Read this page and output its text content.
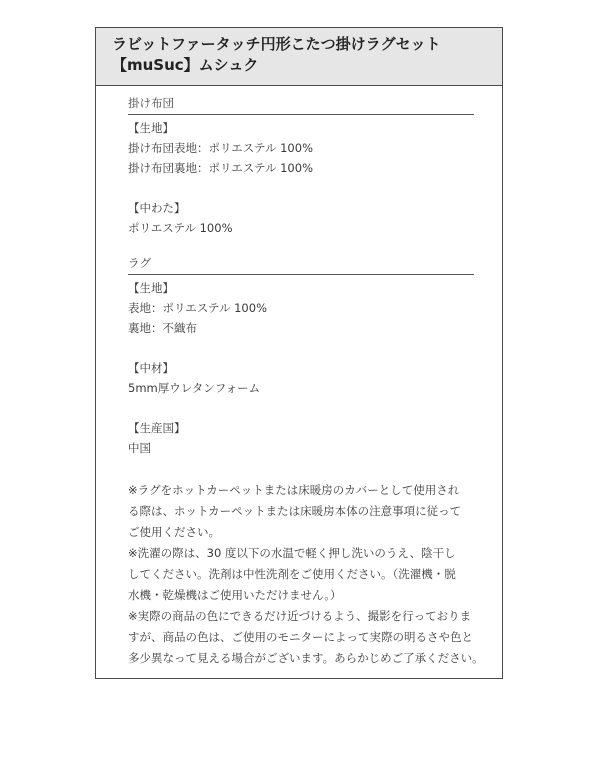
ラビットファータッチ円形こたつ掛けラグセット
【muSuc】ムシュク
掛け布団
【生地】
掛け布団表地：ポリエステル 100%
掛け布団裏地：ポリエステル 100%
【中わた】
ポリエステル 100%
ラグ
【生地】
表地：ポリエステル 100%
裏地：不織布
【中材】
5mm厚ウレタンフォーム
【生産国】
中国
※ラグをホットカーペットまたは床暖房のカバーとして使用され
る際は、ホットカーペットまたは床暖房本体の注意事項に従って
ご使用ください。
※洗濯の際は、30 度以下の水温で軽く押し洗いのうえ、陰干し
してください。洗剤は中性洗剤をご使用ください。（洗濯機・脱
水機・乾燥機はご使用いただけません。）
※実際の商品の色にできるだけ近づけるよう、撮影を行っておりま
すが、商品の色は、ご使用のモニターによって実際の明るさや色と
多少異なって見える場合がございます。あらかじめご了承ください。
